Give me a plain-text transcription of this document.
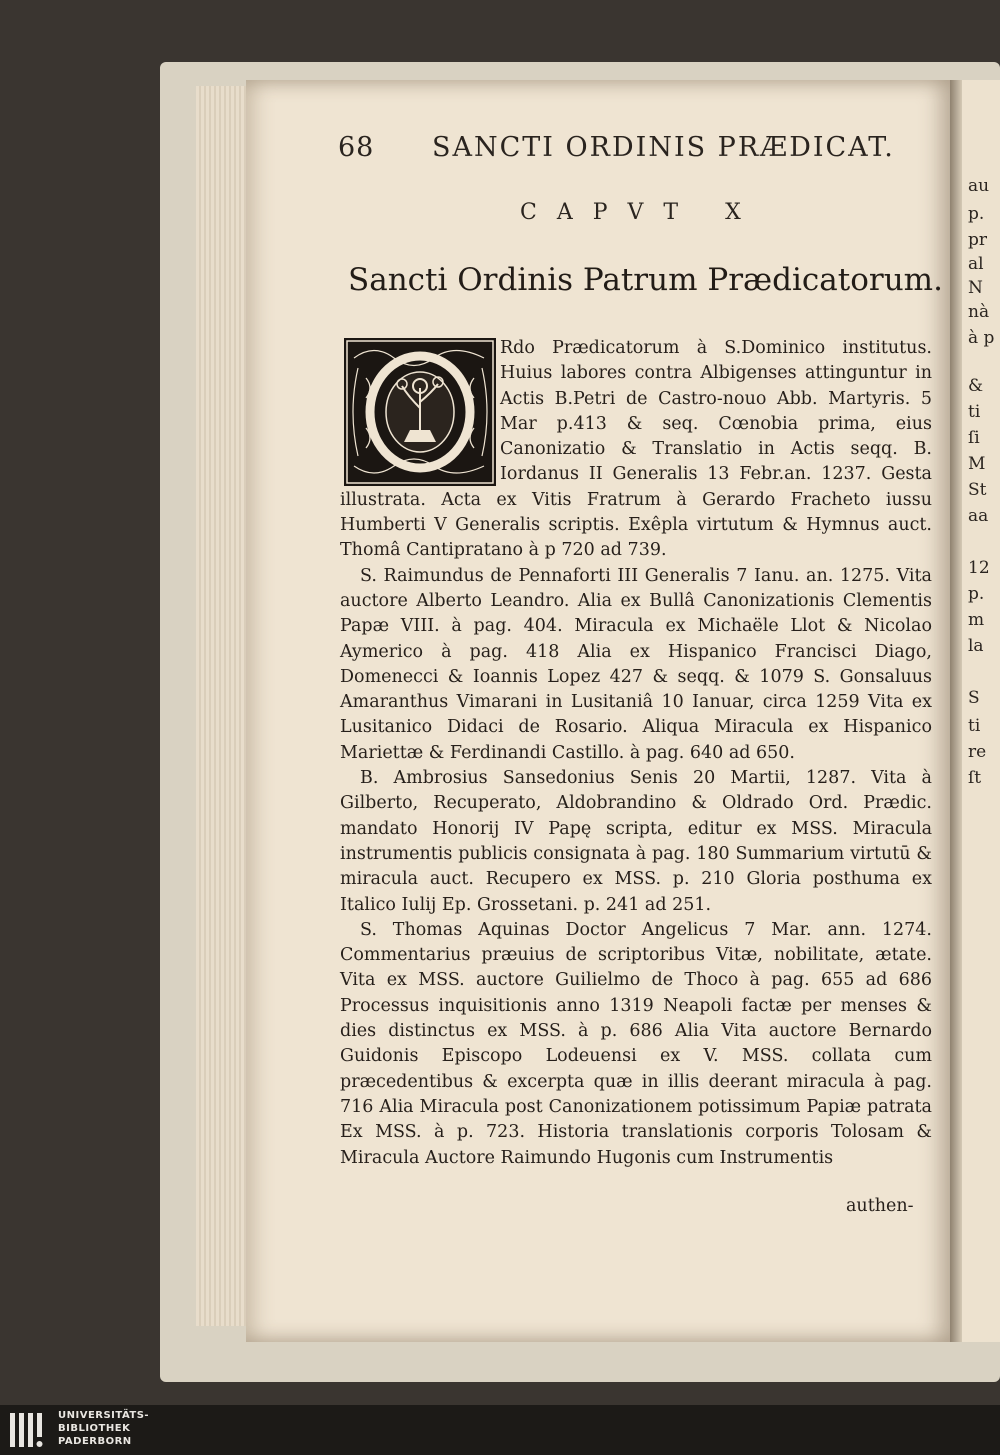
au
p.
pr
al
N
nà
à p
&
ti
ſi
M
St
aa
12
p.
m
la
S
ti
re
ſt
68 SANCTI ORDINIS PRÆDICAT.
CAPVT X
Sancti Ordinis Patrum Prædicatorum.

Rdo Prædicatorum à S.Dominico institutus. Huius labores contra Albigenses attinguntur in Actis B.Petri de Castro-nouo Abb. Martyris. 5 Mar p.413 & seq. Cœnobia prima, eius Canonizatio & Translatio in Actis seqq. B. Iordanus II Generalis 13 Febr.an. 1237. Gesta illustrata. Acta ex Vitis Fratrum à Gerardo Fracheto iussu Humberti V Generalis scriptis. Exêpla virtutum & Hymnus auct. Thomâ Cantipratano à p 720 ad 739.

S. Raimundus de Pennaforti III Generalis 7 Ianu. an. 1275. Vita auctore Alberto Leandro. Alia ex Bullâ Canonizationis Clementis Papæ VIII. à pag. 404. Miracula ex Michaële Llot & Nicolao Aymerico à pag. 418 Alia ex Hispanico Francisci Diago, Domenecci & Ioannis Lopez 427 & seqq. & 1079 S. Gonsaluus Amaranthus Vimarani in Lusitaniâ 10 Ianuar, circa 1259 Vita ex Lusitanico Didaci de Rosario. Aliqua Miracula ex Hispanico Mariettæ & Ferdinandi Castillo. à pag. 640 ad 650.

B. Ambrosius Sansedonius Senis 20 Martii, 1287. Vita à Gilberto, Recuperato, Aldobrandino & Oldrado Ord. Prædic. mandato Honorij IV Papę scripta, editur ex MSS. Miracula instrumentis publicis consignata à pag. 180 Summarium virtutū & miracula auct. Recupero ex MSS. p. 210 Gloria posthuma ex Italico Iulij Ep. Grossetani. p. 241 ad 251.

S. Thomas Aquinas Doctor Angelicus 7 Mar. ann. 1274. Commentarius præuius de scriptoribus Vitæ, nobilitate, ætate. Vita ex MSS. auctore Guilielmo de Thoco à pag. 655 ad 686 Processus inquisitionis anno 1319 Neapoli factæ per menses & dies distinctus ex MSS. à p. 686 Alia Vita auctore Bernardo Guidonis Episcopo Lodeuensi ex V. MSS. collata cum præcedentibus & excerpta quæ in illis deerant miracula à pag. 716 Alia Miracula post Canonizationem potissimum Papiæ patrata Ex MSS. à p. 723. Historia translationis corporis Tolosam & Miracula Auctore Raimundo Hugonis cum Instrumentis

authen-
UNIVERSITÄTS-
BIBLIOTHEK
PADERBORN
